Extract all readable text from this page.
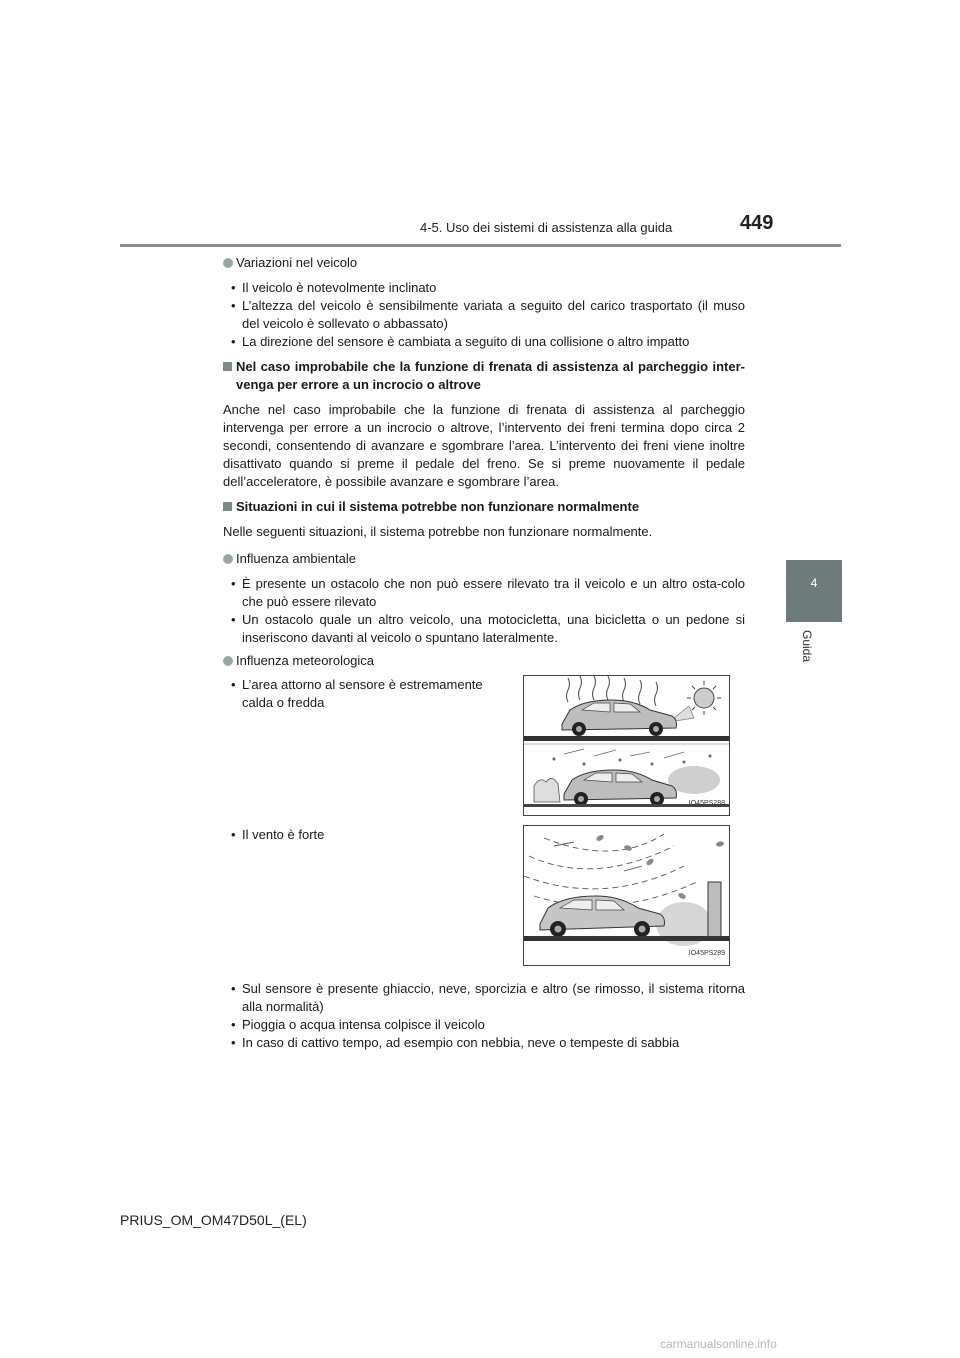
4-5. Uso dei sistemi di assistenza alla guida	449
4
Guida

Variazioni nel veicolo

• Il veicolo è notevolmente inclinato
• L’altezza del veicolo è sensibilmente variata a seguito del carico trasportato (il muso del veicolo è sollevato o abbassato)
• La direzione del sensore è cambiata a seguito di una collisione o altro impatto

Nel caso improbabile che la funzione di frenata di assistenza al parcheggio inter-venga per errore a un incrocio o altrove

Anche nel caso improbabile che la funzione di frenata di assistenza al parcheggio intervenga per errore a un incrocio o altrove, l’intervento dei freni termina dopo circa 2 secondi, consentendo di avanzare e sgombrare l’area. L’intervento dei freni viene inoltre disattivato quando si preme il pedale del freno. Se si preme nuovamente il pedale dell’acceleratore, è possibile avanzare e sgombrare l’area.

Situazioni in cui il sistema potrebbe non funzionare normalmente

Nelle seguenti situazioni, il sistema potrebbe non funzionare normalmente.

Influenza ambientale

• È presente un ostacolo che non può essere rilevato tra il veicolo e un altro osta-colo che può essere rilevato
• Un ostacolo quale un altro veicolo, una motocicletta, una bicicletta o un pedone si inseriscono davanti al veicolo o spuntano lateralmente.

Influenza meteorologica

• L’area attorno al sensore è estremamente calda o fredda
IO45PS288
• Il vento è forte
IO45PS289
• Sul sensore è presente ghiaccio, neve, sporcizia e altro (se rimosso, il sistema ritorna alla normalità)
• Pioggia o acqua intensa colpisce il veicolo
• In caso di cattivo tempo, ad esempio con nebbia, neve o tempeste di sabbia
PRIUS_OM_OM47D50L_(EL)
carmanualsonline.info
